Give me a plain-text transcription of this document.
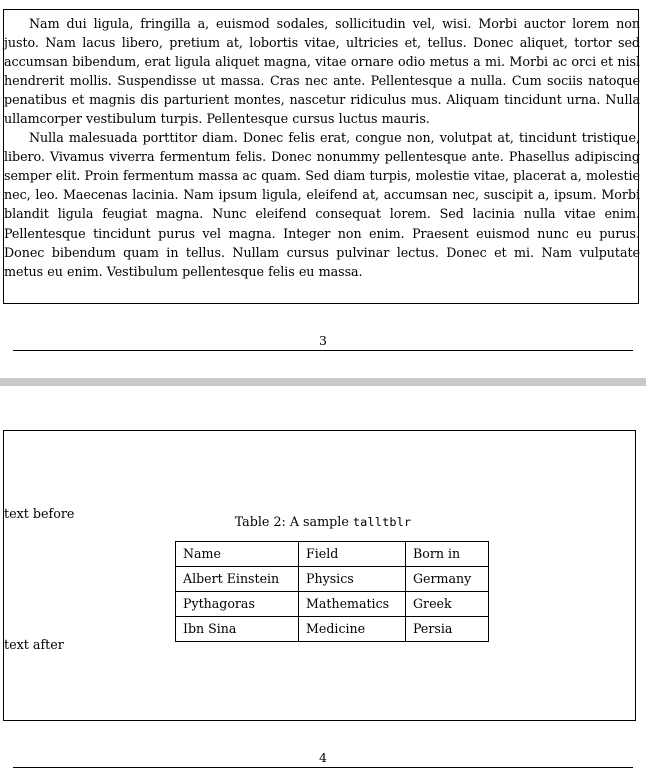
Nam dui ligula, fringilla a, euismod sodales, sollicitudin vel, wisi. Morbi auctor lorem non justo. Nam lacus libero, pretium at, lobortis vitae, ultricies et, tellus. Donec aliquet, tortor sed accumsan bibendum, erat ligula aliquet magna, vitae ornare odio metus a mi. Morbi ac orci et nisl hendrerit mollis. Suspendisse ut massa. Cras nec ante. Pellentesque a nulla. Cum sociis natoque penatibus et magnis dis parturient montes, nascetur ridiculus mus. Aliquam tincidunt urna. Nulla ullamcorper vestibulum turpis. Pellentesque cursus luctus mauris.

Nulla malesuada porttitor diam. Donec felis erat, congue non, volutpat at, tincidunt tristique, libero. Vivamus viverra fermentum felis. Donec nonummy pellentesque ante. Phasellus adipiscing semper elit. Proin fermentum massa ac quam. Sed diam turpis, molestie vitae, placerat a, molestie nec, leo. Maecenas lacinia. Nam ipsum ligula, eleifend at, accumsan nec, suscipit a, ipsum. Morbi blandit ligula feugiat magna. Nunc eleifend consequat lorem. Sed lacinia nulla vitae enim. Pellentesque tincidunt purus vel magna. Integer non enim. Praesent euismod nunc eu purus. Donec bibendum quam in tellus. Nullam cursus pulvinar lectus. Donec et mi. Nam vulputate metus eu enim. Vestibulum pellentesque felis eu massa.

3
text before
Table 2: A sample talltblr
Name	Field	Born in
Albert Einstein	Physics	Germany
Pythagoras	Mathematics	Greek
Ibn Sina	Medicine	Persia
text after
4
